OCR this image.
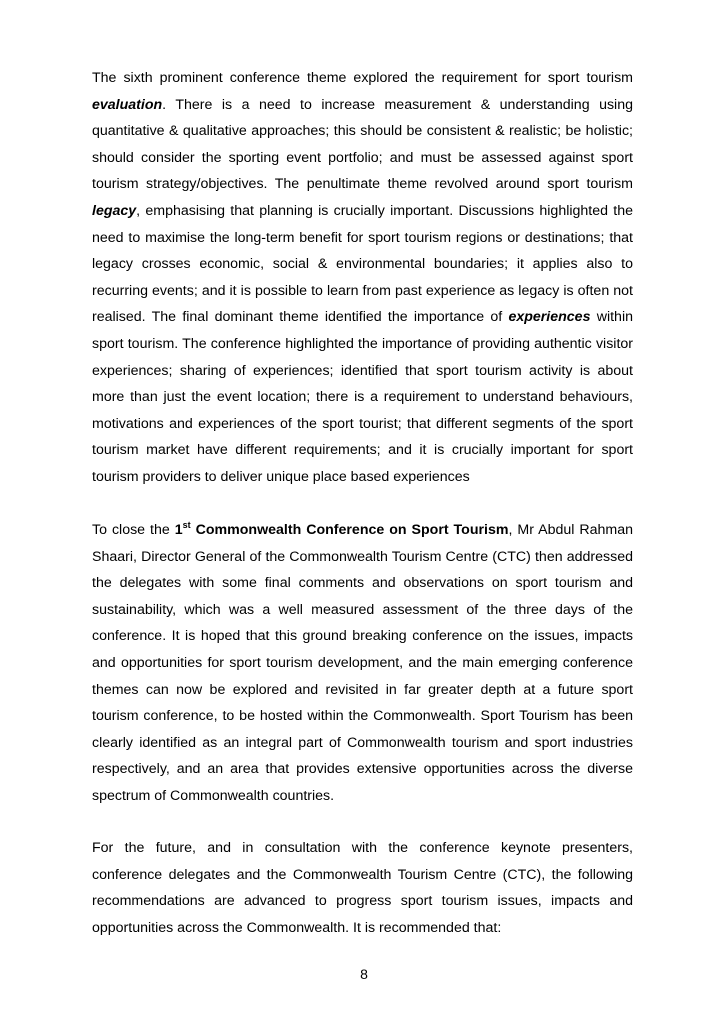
The sixth prominent conference theme explored the requirement for sport tourism evaluation. There is a need to increase measurement & understanding using quantitative & qualitative approaches; this should be consistent & realistic; be holistic; should consider the sporting event portfolio; and must be assessed against sport tourism strategy/objectives. The penultimate theme revolved around sport tourism legacy, emphasising that planning is crucially important. Discussions highlighted the need to maximise the long-term benefit for sport tourism regions or destinations; that legacy crosses economic, social & environmental boundaries; it applies also to recurring events; and it is possible to learn from past experience as legacy is often not realised. The final dominant theme identified the importance of experiences within sport tourism. The conference highlighted the importance of providing authentic visitor experiences; sharing of experiences; identified that sport tourism activity is about more than just the event location; there is a requirement to understand behaviours, motivations and experiences of the sport tourist; that different segments of the sport tourism market have different requirements; and it is crucially important for sport tourism providers to deliver unique place based experiences

To close the 1st Commonwealth Conference on Sport Tourism, Mr Abdul Rahman Shaari, Director General of the Commonwealth Tourism Centre (CTC) then addressed the delegates with some final comments and observations on sport tourism and sustainability, which was a well measured assessment of the three days of the conference. It is hoped that this ground breaking conference on the issues, impacts and opportunities for sport tourism development, and the main emerging conference themes can now be explored and revisited in far greater depth at a future sport tourism conference, to be hosted within the Commonwealth. Sport Tourism has been clearly identified as an integral part of Commonwealth tourism and sport industries respectively, and an area that provides extensive opportunities across the diverse spectrum of Commonwealth countries.

For the future, and in consultation with the conference keynote presenters, conference delegates and the Commonwealth Tourism Centre (CTC), the following recommendations are advanced to progress sport tourism issues, impacts and opportunities across the Commonwealth. It is recommended that:

8
